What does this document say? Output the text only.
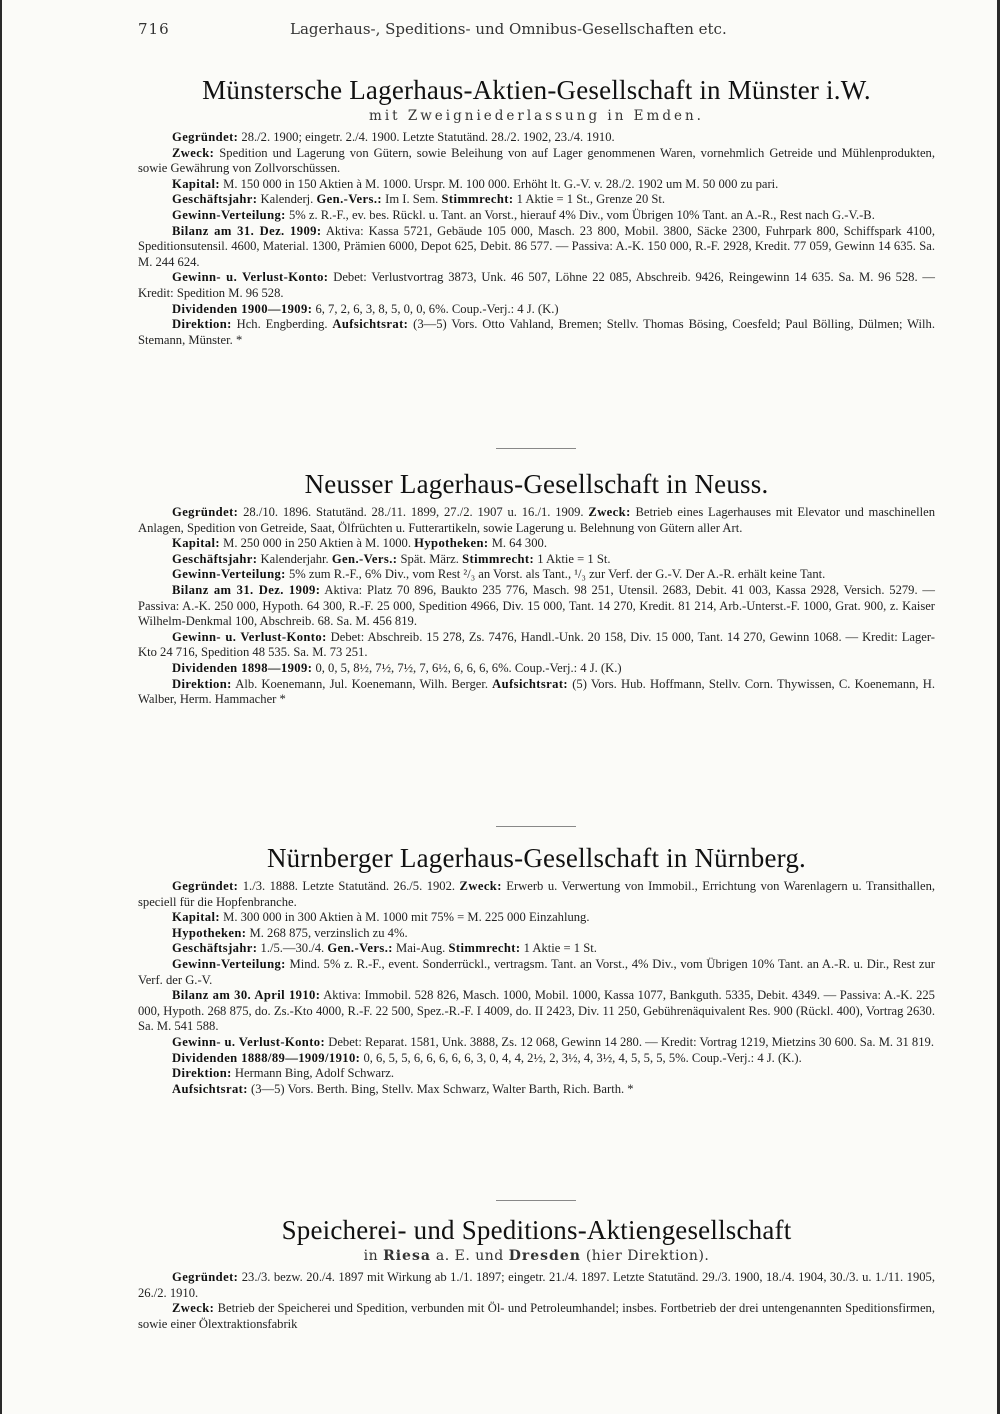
716	Lagerhaus-, Speditions- und Omnibus-Gesellschaften etc.
Münstersche Lagerhaus-Aktien-Gesellschaft in Münster i.W.
mit Zweigniederlassung in Emden.

Gegründet: 28./2. 1900; eingetr. 2./4. 1900. Letzte Statutänd. 28./2. 1902, 23./4. 1910.

Zweck: Spedition und Lagerung von Gütern, sowie Beleihung von auf Lager genommenen Waren, vornehmlich Getreide und Mühlenprodukten, sowie Gewährung von Zollvorschüssen.

Kapital: M. 150 000 in 150 Aktien à M. 1000. Urspr. M. 100 000. Erhöht lt. G.-V. v. 28./2. 1902 um M. 50 000 zu pari.

Geschäftsjahr: Kalenderj. Gen.-Vers.: Im I. Sem. Stimmrecht: 1 Aktie = 1 St., Grenze 20 St.

Gewinn-Verteilung: 5% z. R.-F., ev. bes. Rückl. u. Tant. an Vorst., hierauf 4% Div., vom Übrigen 10% Tant. an A.-R., Rest nach G.-V.-B.

Bilanz am 31. Dez. 1909: Aktiva: Kassa 5721, Gebäude 105 000, Masch. 23 800, Mobil. 3800, Säcke 2300, Fuhrpark 800, Schiffspark 4100, Speditionsutensil. 4600, Material. 1300, Prämien 6000, Depot 625, Debit. 86 577. — Passiva: A.-K. 150 000, R.-F. 2928, Kredit. 77 059, Gewinn 14 635. Sa. M. 244 624.

Gewinn- u. Verlust-Konto: Debet: Verlustvortrag 3873, Unk. 46 507, Löhne 22 085, Abschreib. 9426, Reingewinn 14 635. Sa. M. 96 528. — Kredit: Spedition M. 96 528.

Dividenden 1900—1909: 6, 7, 2, 6, 3, 8, 5, 0, 0, 6%. Coup.-Verj.: 4 J. (K.)

Direktion: Hch. Engberding. Aufsichtsrat: (3—5) Vors. Otto Vahland, Bremen; Stellv. Thomas Bösing, Coesfeld; Paul Bölling, Dülmen; Wilh. Stemann, Münster. *

Neusser Lagerhaus-Gesellschaft in Neuss.

Gegründet: 28./10. 1896. Statutänd. 28./11. 1899, 27./2. 1907 u. 16./1. 1909. Zweck: Betrieb eines Lagerhauses mit Elevator und maschinellen Anlagen, Spedition von Getreide, Saat, Ölfrüchten u. Futterartikeln, sowie Lagerung u. Belehnung von Gütern aller Art.

Kapital: M. 250 000 in 250 Aktien à M. 1000. Hypotheken: M. 64 300.

Geschäftsjahr: Kalenderjahr. Gen.-Vers.: Spät. März. Stimmrecht: 1 Aktie = 1 St.

Gewinn-Verteilung: 5% zum R.-F., 6% Div., vom Rest ²/₃ an Vorst. als Tant., ¹/₃ zur Verf. der G.-V. Der A.-R. erhält keine Tant.

Bilanz am 31. Dez. 1909: Aktiva: Platz 70 896, Baukto 235 776, Masch. 98 251, Utensil. 2683, Debit. 41 003, Kassa 2928, Versich. 5279. — Passiva: A.-K. 250 000, Hypoth. 64 300, R.-F. 25 000, Spedition 4966, Div. 15 000, Tant. 14 270, Kredit. 81 214, Arb.-Unterst.-F. 1000, Grat. 900, z. Kaiser Wilhelm-Denkmal 100, Abschreib. 68. Sa. M. 456 819.

Gewinn- u. Verlust-Konto: Debet: Abschreib. 15 278, Zs. 7476, Handl.-Unk. 20 158, Div. 15 000, Tant. 14 270, Gewinn 1068. — Kredit: Lager-Kto 24 716, Spedition 48 535. Sa. M. 73 251.

Dividenden 1898—1909: 0, 0, 5, 8½, 7½, 7½, 7, 6½, 6, 6, 6, 6%. Coup.-Verj.: 4 J. (K.)

Direktion: Alb. Koenemann, Jul. Koenemann, Wilh. Berger. Aufsichtsrat: (5) Vors. Hub. Hoffmann, Stellv. Corn. Thywissen, C. Koenemann, H. Walber, Herm. Hammacher *

Nürnberger Lagerhaus-Gesellschaft in Nürnberg.

Gegründet: 1./3. 1888. Letzte Statutänd. 26./5. 1902. Zweck: Erwerb u. Verwertung von Immobil., Errichtung von Warenlagern u. Transithallen, speciell für die Hopfenbranche.

Kapital: M. 300 000 in 300 Aktien à M. 1000 mit 75% = M. 225 000 Einzahlung.

Hypotheken: M. 268 875, verzinslich zu 4%.

Geschäftsjahr: 1./5.—30./4. Gen.-Vers.: Mai-Aug. Stimmrecht: 1 Aktie = 1 St.

Gewinn-Verteilung: Mind. 5% z. R.-F., event. Sonderrückl., vertragsm. Tant. an Vorst., 4% Div., vom Übrigen 10% Tant. an A.-R. u. Dir., Rest zur Verf. der G.-V.

Bilanz am 30. April 1910: Aktiva: Immobil. 528 826, Masch. 1000, Mobil. 1000, Kassa 1077, Bankguth. 5335, Debit. 4349. — Passiva: A.-K. 225 000, Hypoth. 268 875, do. Zs.-Kto 4000, R.-F. 22 500, Spez.-R.-F. I 4009, do. II 2423, Div. 11 250, Gebührenäquivalent Res. 900 (Rückl. 400), Vortrag 2630. Sa. M. 541 588.

Gewinn- u. Verlust-Konto: Debet: Reparat. 1581, Unk. 3888, Zs. 12 068, Gewinn 14 280. — Kredit: Vortrag 1219, Mietzins 30 600. Sa. M. 31 819.

Dividenden 1888/89—1909/1910: 0, 6, 5, 5, 6, 6, 6, 6, 6, 3, 0, 4, 4, 2½, 2, 3½, 4, 3½, 4, 5, 5, 5, 5%. Coup.-Verj.: 4 J. (K.).

Direktion: Hermann Bing, Adolf Schwarz.

Aufsichtsrat: (3—5) Vors. Berth. Bing, Stellv. Max Schwarz, Walter Barth, Rich. Barth. *

Speicherei- und Speditions-Aktiengesellschaft
in Riesa a. E. und Dresden (hier Direktion).

Gegründet: 23./3. bezw. 20./4. 1897 mit Wirkung ab 1./1. 1897; eingetr. 21./4. 1897. Letzte Statutänd. 29./3. 1900, 18./4. 1904, 30./3. u. 1./11. 1905, 26./2. 1910.

Zweck: Betrieb der Speicherei und Spedition, verbunden mit Öl- und Petroleumhandel; insbes. Fortbetrieb der drei untengenannten Speditionsfirmen, sowie einer Ölextraktionsfabrik
